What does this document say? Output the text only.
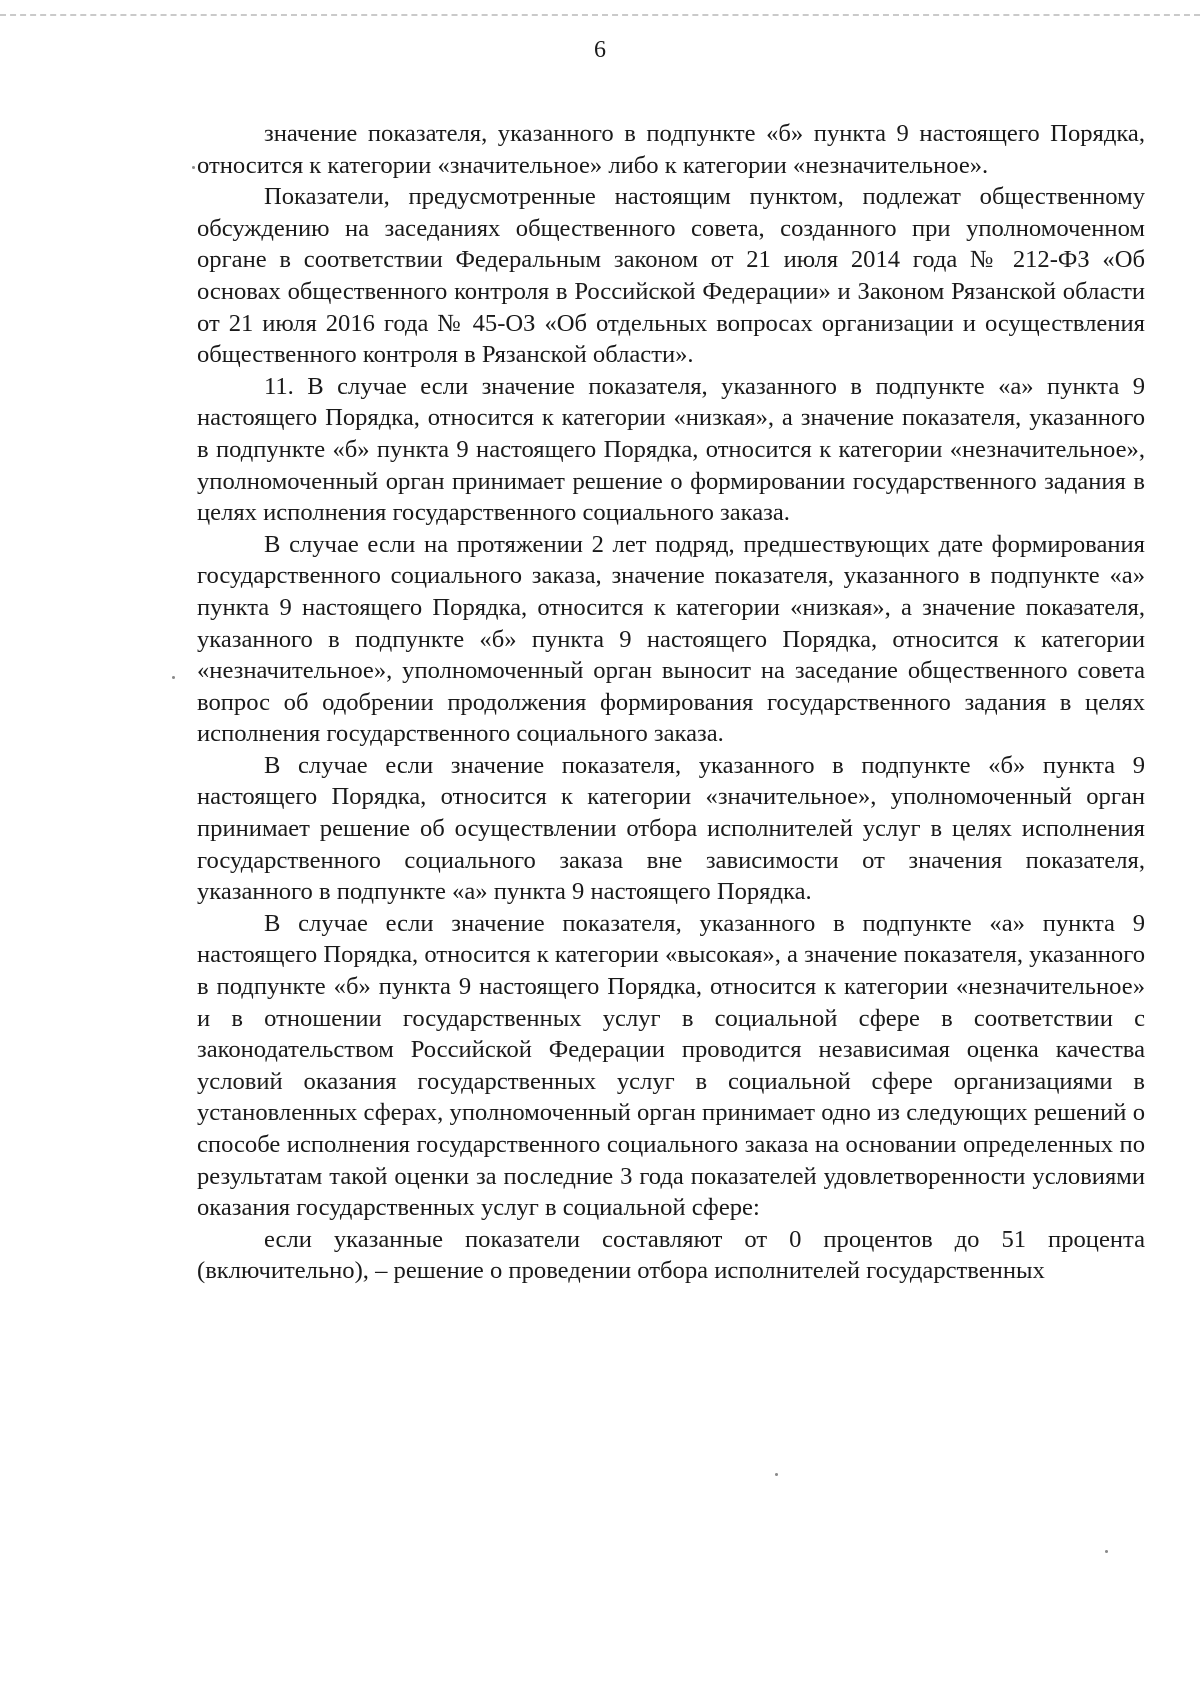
6

значение показателя, указанного в подпункте «б» пункта 9 настоящего Порядка, относится к категории «значительное» либо к категории «незначительное».

Показатели, предусмотренные настоящим пунктом, подлежат общественному обсуждению на заседаниях общественного совета, созданного при уполномоченном органе в соответствии Федеральным законом от 21 июля 2014 года № 212-ФЗ «Об основах общественного контроля в Российской Федерации» и Законом Рязанской области от 21 июля 2016 года № 45-ОЗ «Об отдельных вопросах организации и осуществления общественного контроля в Рязанской области».

11. В случае если значение показателя, указанного в подпункте «а» пункта 9 настоящего Порядка, относится к категории «низкая», а значение показателя, указанного в подпункте «б» пункта 9 настоящего Порядка, относится к категории «незначительное», уполномоченный орган принимает решение о формировании государственного задания в целях исполнения государственного социального заказа.

В случае если на протяжении 2 лет подряд, предшествующих дате формирования государственного социального заказа, значение показателя, указанного в подпункте «а» пункта 9 настоящего Порядка, относится к категории «низкая», а значение показателя, указанного в подпункте «б» пункта 9 настоящего Порядка, относится к категории «незначительное», уполномоченный орган выносит на заседание общественного совета вопрос об одобрении продолжения формирования государственного задания в целях исполнения государственного социального заказа.

В случае если значение показателя, указанного в подпункте «б» пункта 9 настоящего Порядка, относится к категории «значительное», уполномоченный орган принимает решение об осуществлении отбора исполнителей услуг в целях исполнения государственного социального заказа вне зависимости от значения показателя, указанного в подпункте «а» пункта 9 настоящего Порядка.

В случае если значение показателя, указанного в подпункте «а» пункта 9 настоящего Порядка, относится к категории «высокая», а значение показателя, указанного в подпункте «б» пункта 9 настоящего Порядка, относится к категории «незначительное» и в отношении государственных услуг в социальной сфере в соответствии с законодательством Российской Федерации проводится независимая оценка качества условий оказания государственных услуг в социальной сфере организациями в установленных сферах, уполномоченный орган принимает одно из следующих решений о способе исполнения государственного социального заказа на основании определенных по результатам такой оценки за последние 3 года показателей удовлетворенности условиями оказания государственных услуг в социальной сфере:

если указанные показатели составляют от 0 процентов до 51 процента (включительно), – решение о проведении отбора исполнителей государственных
